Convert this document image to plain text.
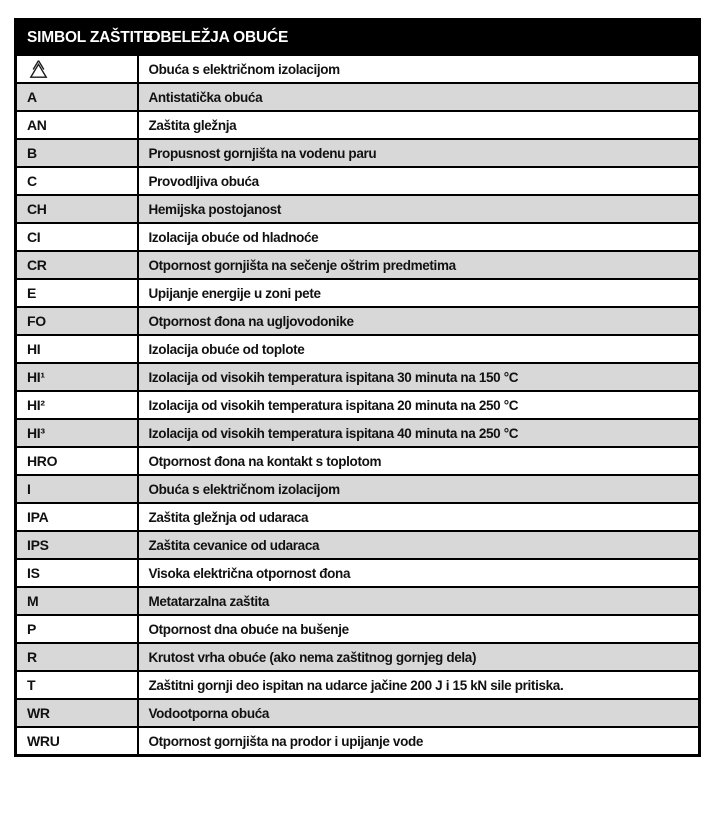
SIMBOL ZAŠTITE	OBELEŽJA OBUĆE

	Obuća s električnom izolacijom
A	Antistatička obuća
AN	Zaštita gležnja
B	Propusnost gornjišta na vodenu paru
C	Provodljiva obuća
CH	Hemijska postojanost
CI	Izolacija obuće od hladnoće
CR	Otpornost gornjišta na sečenje oštrim predmetima
E	Upijanje energije u zoni pete
FO	Otpornost đona na ugljovodonike
HI	Izolacija obuće od toplote
HI¹	Izolacija od visokih temperatura ispitana 30 minuta na 150 °C
HI²	Izolacija od visokih temperatura ispitana 20 minuta na 250 °C
HI³	Izolacija od visokih temperatura ispitana 40 minuta na 250 °C
HRO	Otpornost đona na kontakt s toplotom
I	Obuća s električnom izolacijom
IPA	Zaštita gležnja od udaraca
IPS	Zaštita cevanice od udaraca
IS	Visoka električna otpornost đona
M	Metatarzalna zaštita
P	Otpornost dna obuće na bušenje
R	Krutost vrha obuće (ako nema zaštitnog gornjeg dela)
T	Zaštitni gornji deo ispitan na udarce jačine 200 J i 15 kN sile pritiska.
WR	Vodootporna obuća
WRU	Otpornost gornjišta na prodor i upijanje vode
